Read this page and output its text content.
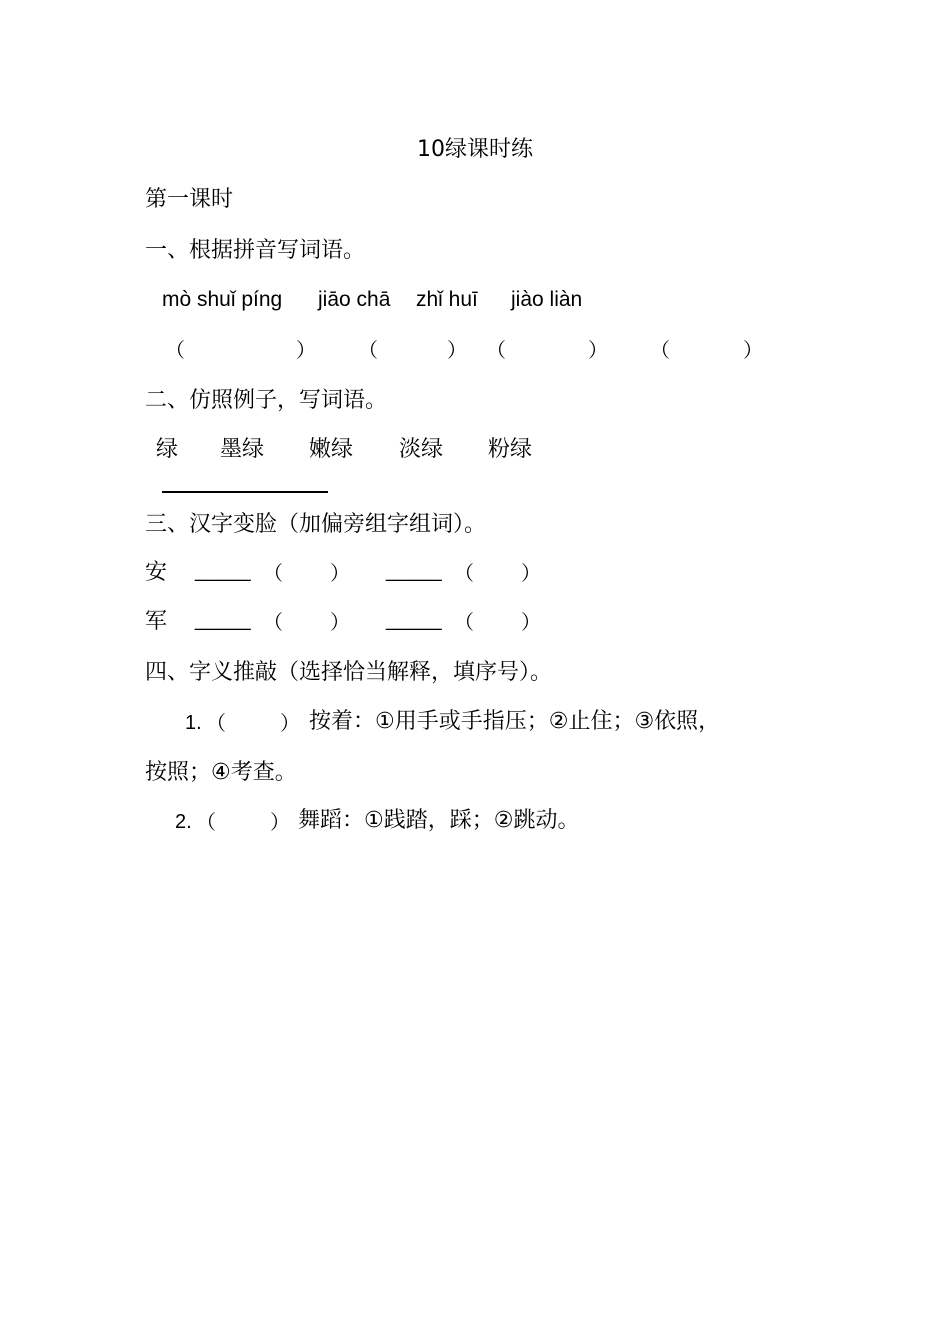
10绿课时练
第一课时
一、根据拼音写词语。
mò shuǐ píng jiāo chā zhǐ huī jiào liàn
（	） （	） （	） （	）
二、仿照例子，写词语。
绿 墨绿 嫩绿 淡绿 粉绿
三、汉字变脸（加偏旁组字组词）。
安 _____ （ ） _____ （ ）
军 _____ （ ） _____ （ ）
四、字义推敲（选择恰当解释，填序号）。
1. （	） 按着：①用手或手指压；②止住；③依照，
按照；④考查。
2. （	） 舞蹈：①践踏，踩；②跳动。
